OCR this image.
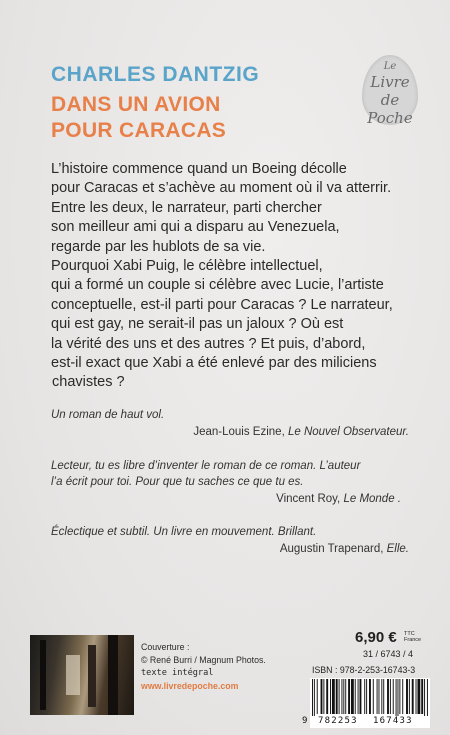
CHARLES DANTZIG
DANS UN AVION
POUR CARACAS
Le
Livre
de Poche
L’histoire commence quand un Boeing décolle
pour Caracas et s’achève au moment où il va atterrir.
Entre les deux, le narrateur, parti chercher
son meilleur ami qui a disparu au Venezuela,
regarde par les hublots de sa vie.
Pourquoi Xabi Puig, le célèbre intellectuel,
qui a formé un couple si célèbre avec Lucie, l’artiste
conceptuelle, est-il parti pour Caracas ? Le narrateur,
qui est gay, ne serait-il pas un jaloux ? Où est
la vérité des uns et des autres ? Et puis, d’abord,
est-il exact que Xabi a été enlevé par des miliciens
chavistes ?
Un roman de haut vol.
Jean-Louis Ezine, Le Nouvel Observateur.
Lecteur, tu es libre d’inventer le roman de ce roman. L’auteur
l’a écrit pour toi. Pour que tu saches ce que tu es.
Vincent Roy, Le Monde .
Éclectique et subtil. Un livre en mouvement. Brillant.
Augustin Trapenard, Elle.
Couverture :
© René Burri / Magnum Photos.
texte intégral
www.livredepoche.com
6,90 € TTC
France
31 / 6743 / 4
ISBN : 978-2-253-16743-3
9 782253 167433
